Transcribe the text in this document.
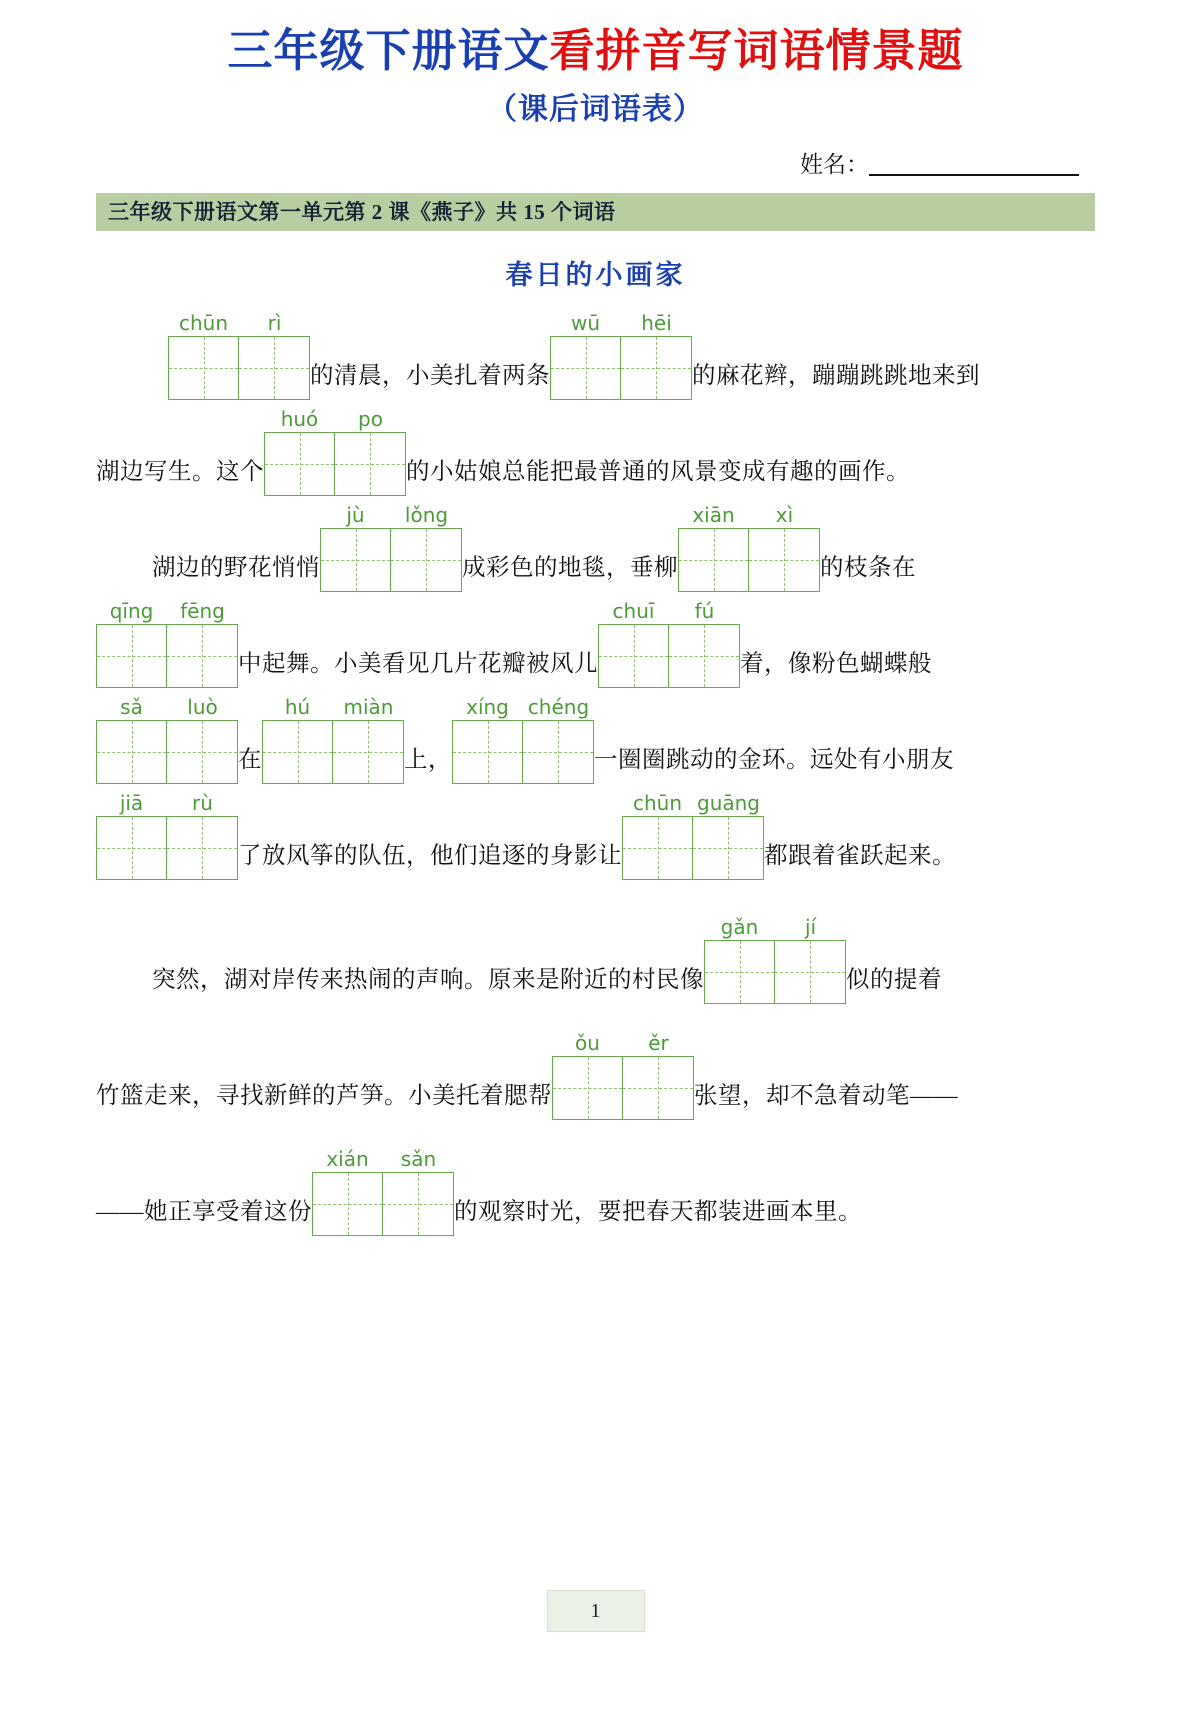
三年级下册语文看拼音写词语情景题
（课后词语表）
姓名：
三年级下册语文第一单元第 2 课《燕子》共 15 个词语
春日的小画家
chūn	rì
的清晨，小美扎着两条
wū	hēi
的麻花辫，蹦蹦跳跳地来到
湖边写生。这个
huó	po
的小姑娘总能把最普通的风景变成有趣的画作。
湖边的野花悄悄
jù	lǒng
成彩色的地毯，垂柳
xiān	xì
的枝条在
qīng	fēng
中起舞。小美看见几片花瓣被风儿
chuī	fú
着，像粉色蝴蝶般
sǎ	luò
在
hú	miàn
上，
xíng chéng
一圈圈跳动的金环。远处有小朋友
jiā	rù
了放风筝的队伍，他们追逐的身影让
chūn guāng
都跟着雀跃起来。
突然，湖对岸传来热闹的声响。原来是附近的村民像
gǎn	jí
似的提着
竹篮走来，寻找新鲜的芦笋。小美托着腮帮
ǒu	ěr
张望，却不急着动笔——
——她正享受着这份
xián	sǎn
的观察时光，要把春天都装进画本里。
1
